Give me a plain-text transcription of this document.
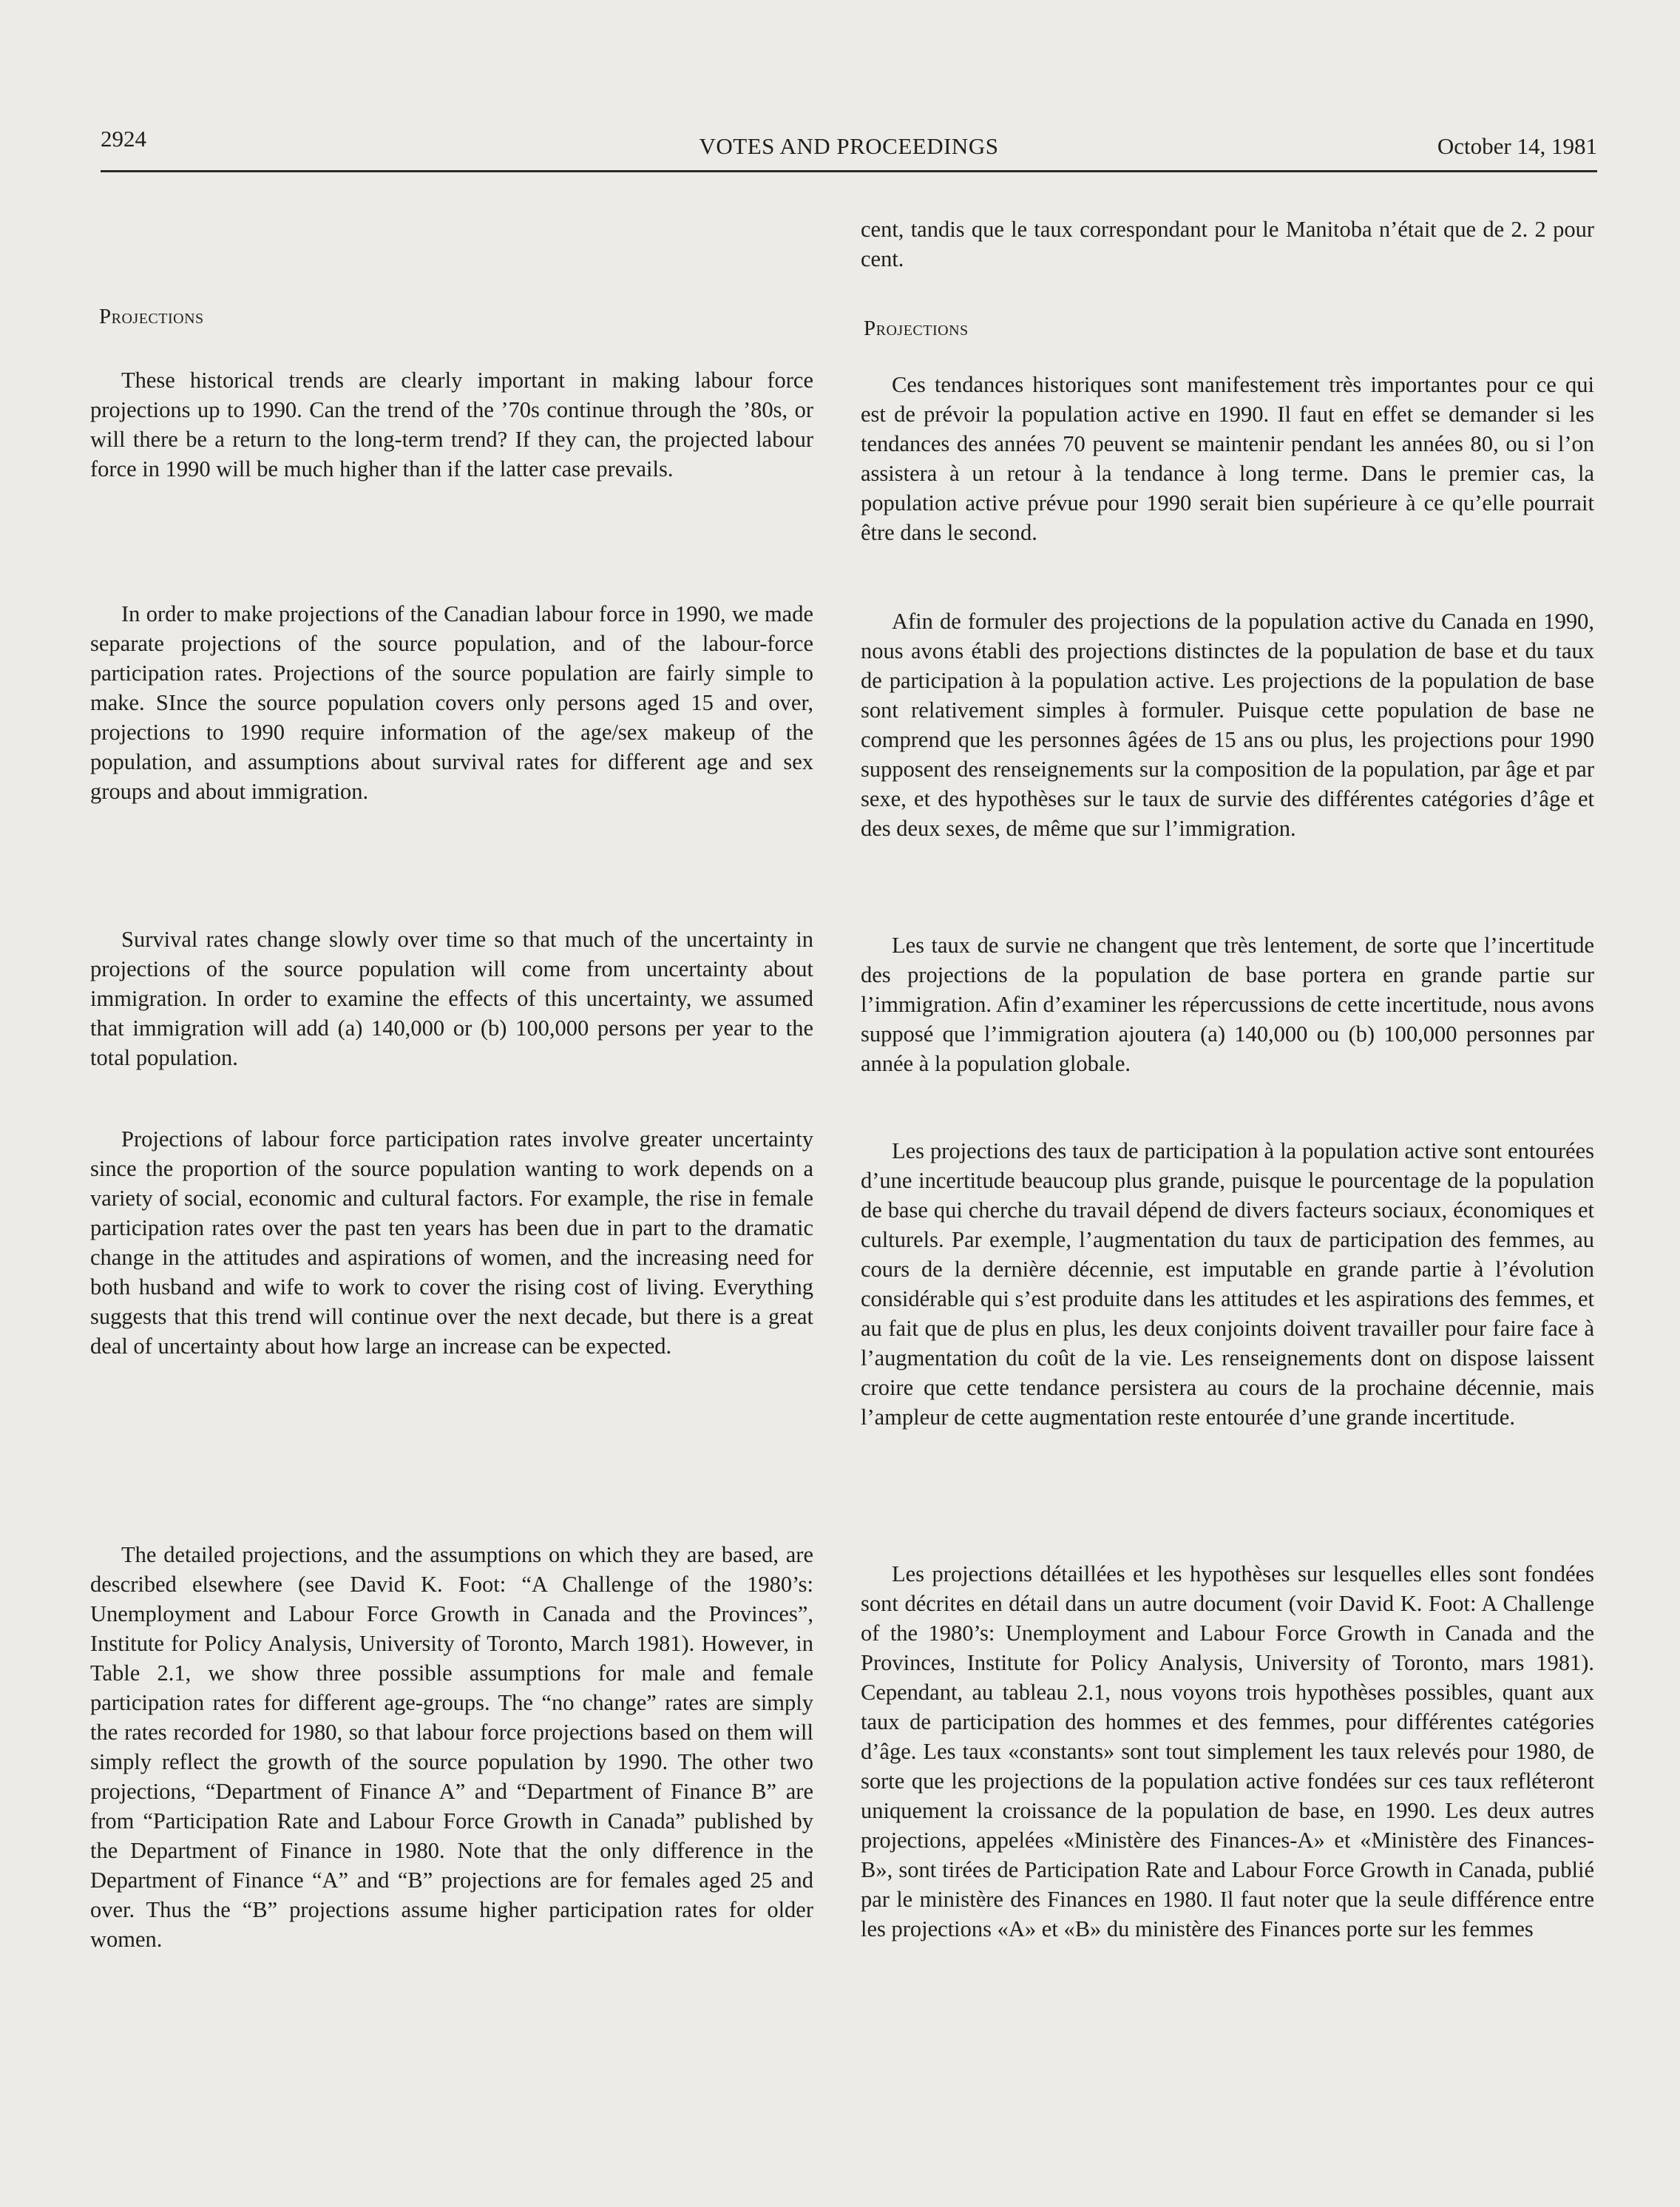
2924	VOTES AND PROCEEDINGS	October 14, 1981
Projections

These historical trends are clearly important in making labour force projections up to 1990. Can the trend of the ’70s continue through the ’80s, or will there be a return to the long-term trend? If they can, the projected labour force in 1990 will be much higher than if the latter case prevails.

In order to make projections of the Canadian labour force in 1990, we made separate projections of the source population, and of the labour-force participation rates. Projections of the source population are fairly simple to make. SInce the source population covers only persons aged 15 and over, projections to 1990 require information of the age/sex makeup of the population, and assumptions about survival rates for different age and sex groups and about immigration.

Survival rates change slowly over time so that much of the uncertainty in projections of the source population will come from uncertainty about immigration. In order to examine the effects of this uncertainty, we assumed that immigration will add (a) 140,000 or (b) 100,000 persons per year to the total population.

Projections of labour force participation rates involve greater uncertainty since the proportion of the source population wanting to work depends on a variety of social, economic and cultural factors. For example, the rise in female participation rates over the past ten years has been due in part to the dramatic change in the attitudes and aspirations of women, and the increasing need for both husband and wife to work to cover the rising cost of living. Everything suggests that this trend will continue over the next decade, but there is a great deal of uncertainty about how large an increase can be expected.

The detailed projections, and the assumptions on which they are based, are described elsewhere (see David K. Foot: “A Challenge of the 1980’s: Unemployment and Labour Force Growth in Canada and the Provinces”, Institute for Policy Analysis, University of Toronto, March 1981). However, in Table 2.1, we show three possible assumptions for male and female participation rates for different age-groups. The “no change” rates are simply the rates recorded for 1980, so that labour force projections based on them will simply reflect the growth of the source population by 1990. The other two projections, “Department of Finance A” and “Department of Finance B” are from “Participation Rate and Labour Force Growth in Canada” published by the Department of Finance in 1980. Note that the only difference in the Department of Finance “A” and “B” projections are for females aged 25 and over. Thus the “B” projections assume higher participation rates for older women.

cent, tandis que le taux correspondant pour le Manitoba n’était que de 2. 2 pour cent.

Projections

Ces tendances historiques sont manifestement très importantes pour ce qui est de prévoir la population active en 1990. Il faut en effet se demander si les tendances des années 70 peuvent se maintenir pendant les années 80, ou si l’on assistera à un retour à la tendance à long terme. Dans le premier cas, la population active prévue pour 1990 serait bien supérieure à ce qu’elle pourrait être dans le second.

Afin de formuler des projections de la population active du Canada en 1990, nous avons établi des projections distinctes de la population de base et du taux de participation à la population active. Les projections de la population de base sont relativement simples à formuler. Puisque cette population de base ne comprend que les personnes âgées de 15 ans ou plus, les projections pour 1990 supposent des renseignements sur la composition de la population, par âge et par sexe, et des hypothèses sur le taux de survie des différentes catégories d’âge et des deux sexes, de même que sur l’immigration.

Les taux de survie ne changent que très lentement, de sorte que l’incertitude des projections de la population de base portera en grande partie sur l’immigration. Afin d’examiner les répercussions de cette incertitude, nous avons supposé que l’immigration ajoutera (a) 140,000 ou (b) 100,000 personnes par année à la population globale.

Les projections des taux de participation à la population active sont entourées d’une incertitude beaucoup plus grande, puisque le pourcentage de la population de base qui cherche du travail dépend de divers facteurs sociaux, économiques et culturels. Par exemple, l’augmentation du taux de participation des femmes, au cours de la dernière décennie, est imputable en grande partie à l’évolution considérable qui s’est produite dans les attitudes et les aspirations des femmes, et au fait que de plus en plus, les deux conjoints doivent travailler pour faire face à l’augmentation du coût de la vie. Les renseignements dont on dispose laissent croire que cette tendance persistera au cours de la prochaine décennie, mais l’ampleur de cette augmentation reste entourée d’une grande incertitude.

Les projections détaillées et les hypothèses sur lesquelles elles sont fondées sont décrites en détail dans un autre document (voir David K. Foot: A Challenge of the 1980’s: Unemployment and Labour Force Growth in Canada and the Provinces, Institute for Policy Analysis, University of Toronto, mars 1981). Cependant, au tableau 2.1, nous voyons trois hypothèses possibles, quant aux taux de participation des hommes et des femmes, pour différentes catégories d’âge. Les taux «constants» sont tout simplement les taux relevés pour 1980, de sorte que les projections de la population active fondées sur ces taux refléteront uniquement la croissance de la population de base, en 1990. Les deux autres projections, appelées «Ministère des Finances-A» et «Ministère des Finances-B», sont tirées de Participation Rate and Labour Force Growth in Canada, publié par le ministère des Finances en 1980. Il faut noter que la seule différence entre les projections «A» et «B» du ministère des Finances porte sur les femmes
